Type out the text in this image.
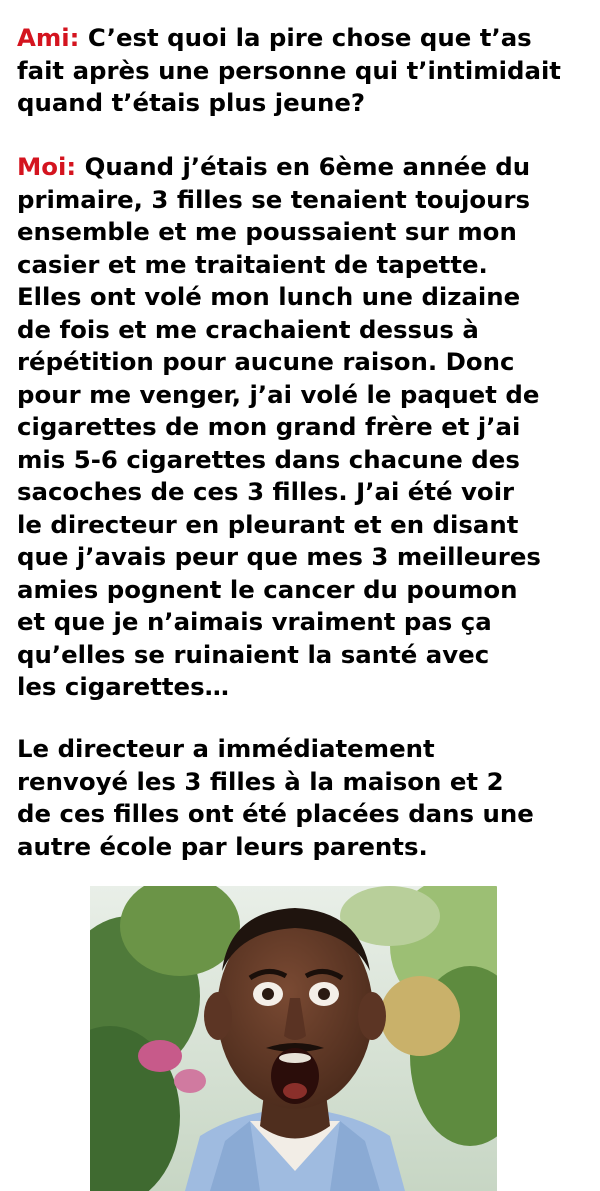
Ami: C’est quoi la pire chose que t’as
fait après une personne qui t’intimidait
quand t’étais plus jeune?
Moi: Quand j’étais en 6ème année du
primaire, 3 filles se tenaient toujours
ensemble et me poussaient sur mon
casier et me traitaient de tapette.
Elles ont volé mon lunch une dizaine
de fois et me crachaient dessus à
répétition pour aucune raison. Donc
pour me venger, j’ai volé le paquet de
cigarettes de mon grand frère et j’ai
mis 5-6 cigarettes dans chacune des
sacoches de ces 3 filles. J’ai été voir
le directeur en pleurant et en disant
que j’avais peur que mes 3 meilleures
amies pognent le cancer du poumon
et que je n’aimais vraiment pas ça
qu’elles se ruinaient la santé avec
les cigarettes…
Le directeur a immédiatement
renvoyé les 3 filles à la maison et 2
de ces filles ont été placées dans une
autre école par leurs parents.
